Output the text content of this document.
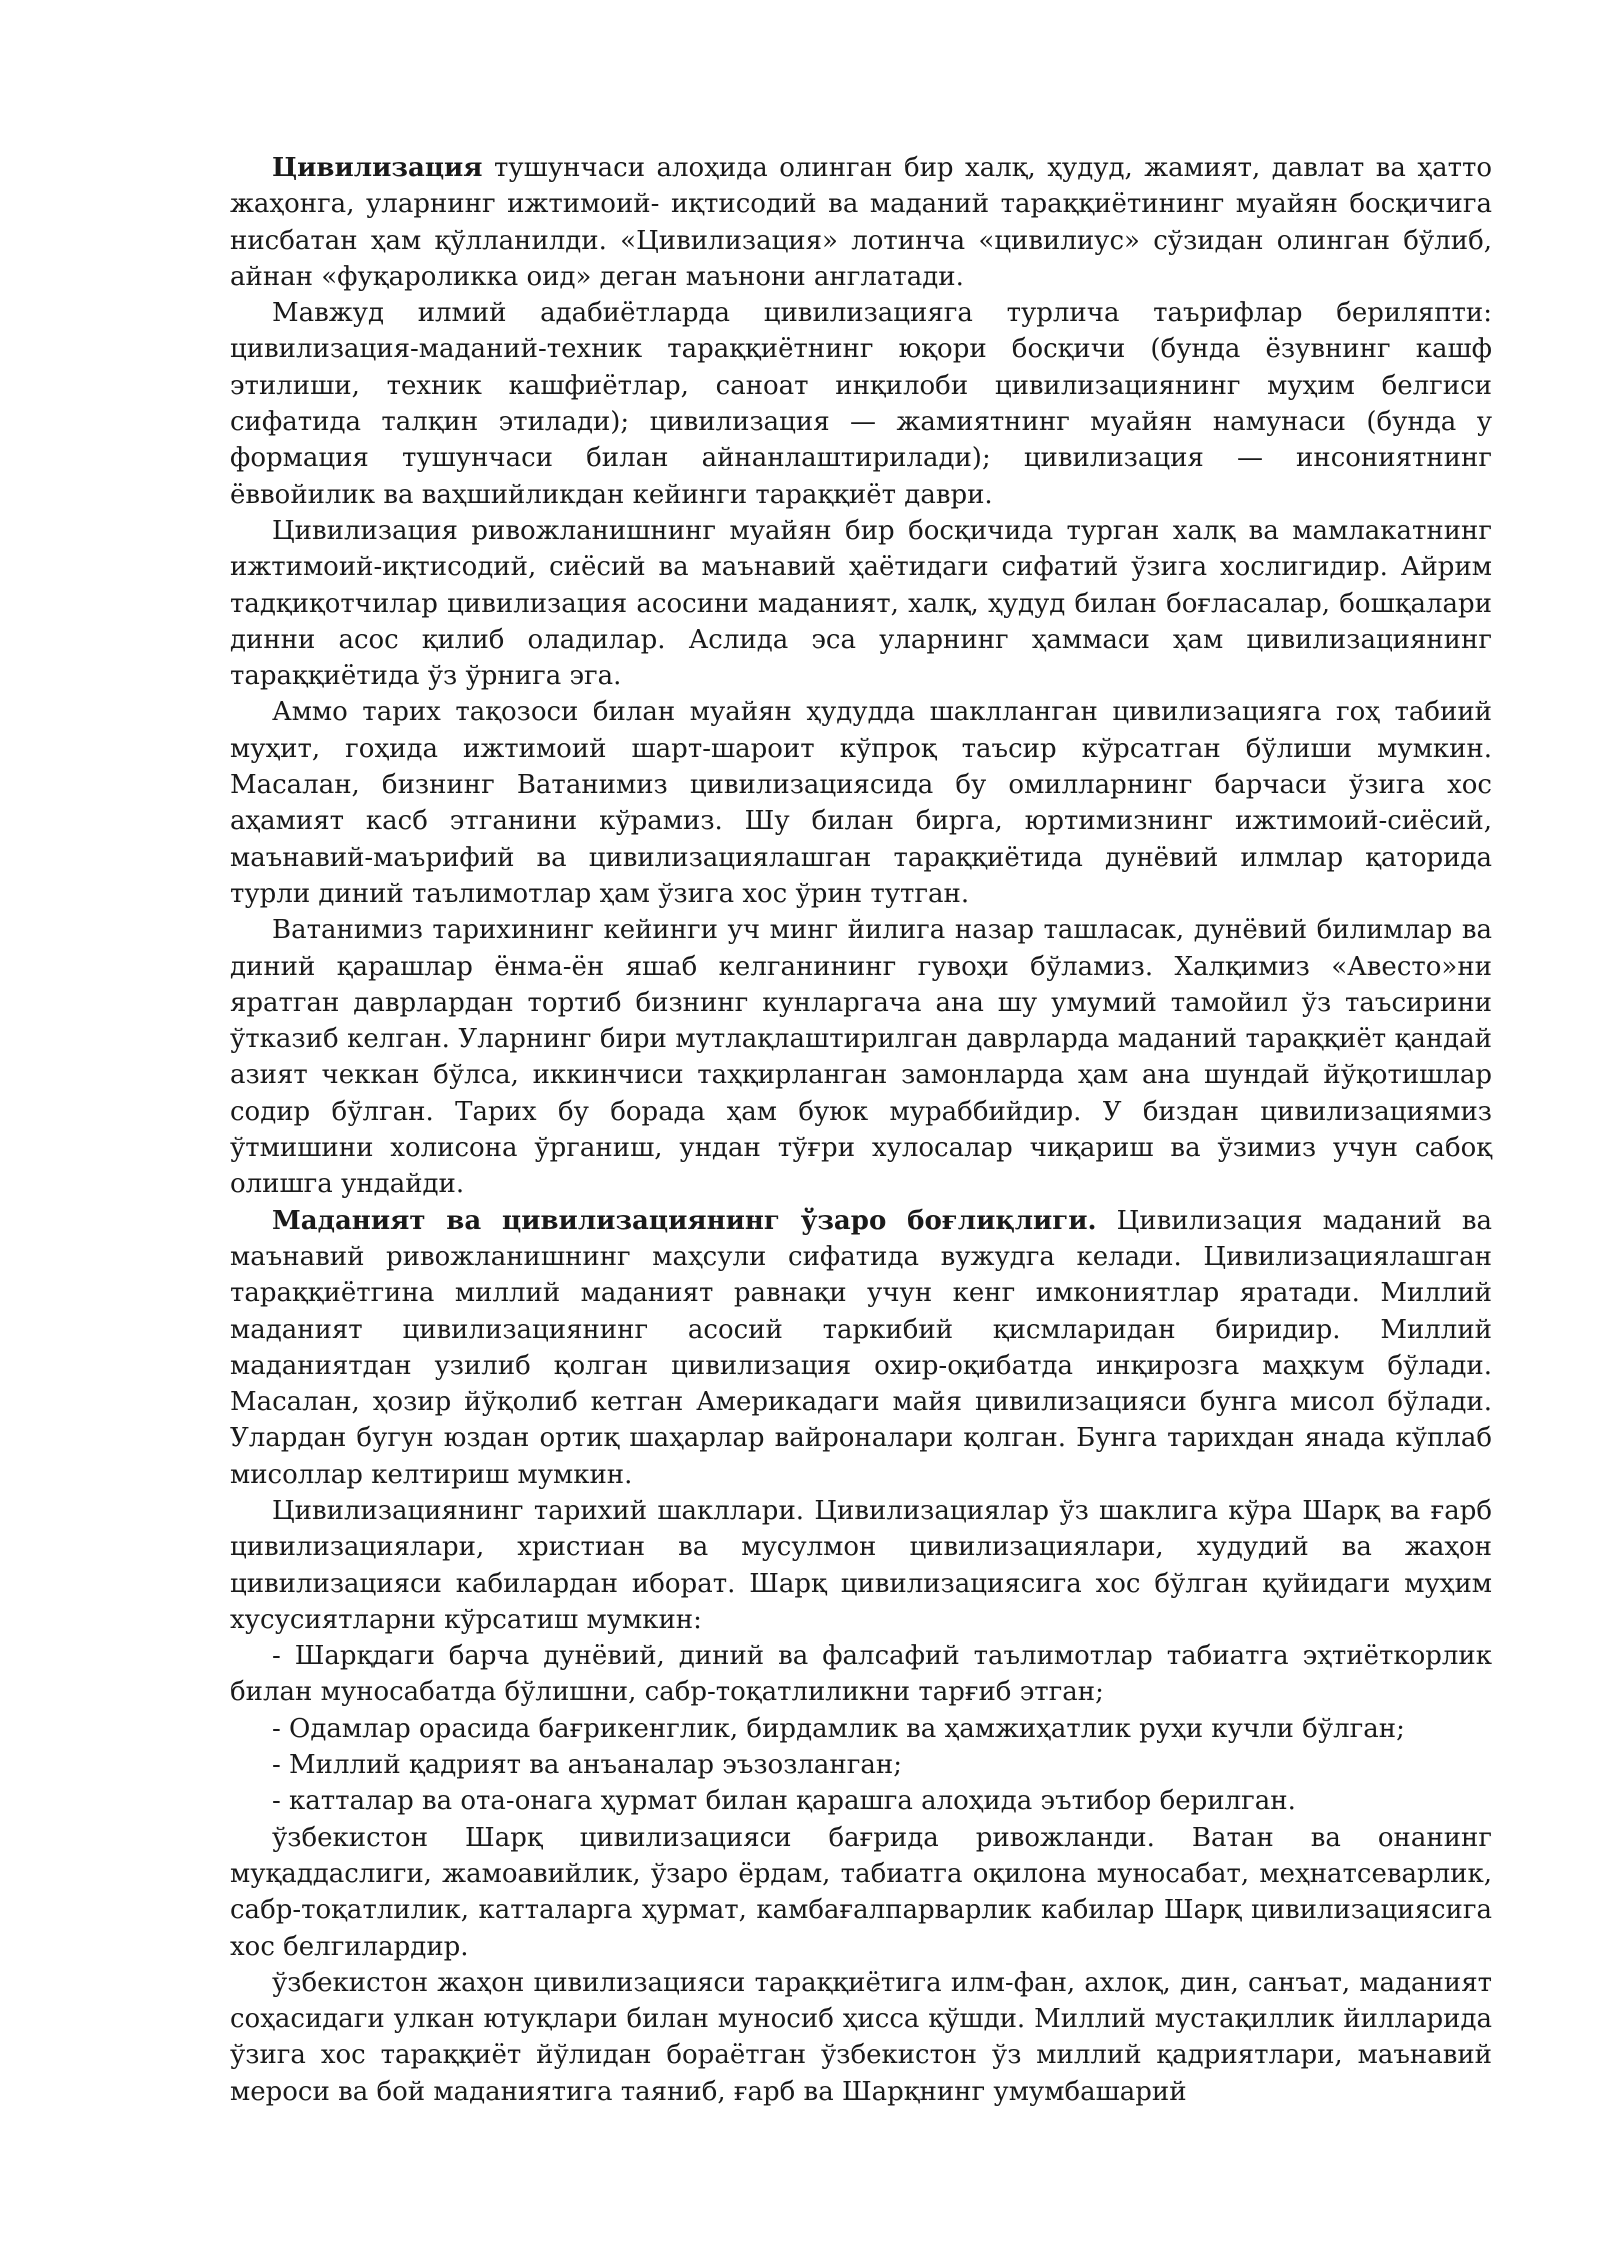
Цивилизация тушунчаси алоҳида олинган бир халқ, ҳудуд, жамият, давлат ва ҳатто жаҳонга, уларнинг ижтимоий- иқтисодий ва маданий тараққиётининг муайян босқичига нисбатан ҳам қўлланилди. «Цивилизация» лотинча «цивилиус» сўзидан олинган бўлиб, айнан «фуқароликка оид» деган маънони англатади.

Мавжуд илмий адабиётларда цивилизацияга турлича таърифлар бериляпти: цивилизация-маданий-техник тараққиётнинг юқори босқичи (бунда ёзувнинг кашф этилиши, техник кашфиётлар, саноат инқилоби цивилизациянинг муҳим белгиси сифатида талқин этилади); цивилизация — жамиятнинг муайян намунаси (бунда у формация тушунчаси билан айнанлаштирилади); цивилизация — инсониятнинг ёввойилик ва ваҳшийликдан кейинги тараққиёт даври.

Цивилизация ривожланишнинг муайян бир босқичида турган халқ ва мамлакатнинг ижтимоий-иқтисодий, сиёсий ва маънавий ҳаётидаги сифатий ўзига хослигидир. Айрим тадқиқотчилар цивилизация асосини маданият, халқ, ҳудуд билан боғласалар, бошқалари динни асос қилиб оладилар. Аслида эса уларнинг ҳаммаси ҳам цивилизациянинг тараққиётида ўз ўрнига эга.

Аммо тарих тақозоси билан муайян ҳудудда шаклланган цивилизацияга гоҳ табиий муҳит, гоҳида ижтимоий шарт-шароит кўпроқ таъсир кўрсатган бўлиши мумкин. Масалан, бизнинг Ватанимиз цивилизациясида бу омилларнинг барчаси ўзига хос аҳамият касб этганини кўрамиз. Шу билан бирга, юртимизнинг ижтимоий-сиёсий, маънавий-маърифий ва цивилизациялашган тараққиётида дунёвий илмлар қаторида турли диний таълимотлар ҳам ўзига хос ўрин тутган.

Ватанимиз тарихининг кейинги уч минг йилига назар ташласак, дунёвий билимлар ва диний қарашлар ёнма-ён яшаб келганининг гувоҳи бўламиз. Халқимиз «Авесто»ни яратган даврлардан тортиб бизнинг кунларгача ана шу умумий тамойил ўз таъсирини ўтказиб келган. Уларнинг бири мутлақлаштирилган даврларда маданий тараққиёт қандай азият чеккан бўлса, иккинчиси таҳқирланган замонларда ҳам ана шундай йўқотишлар содир бўлган. Тарих бу борада ҳам буюк мураббийдир. У биздан цивилизациямиз ўтмишини холисона ўрганиш, ундан тўғри хулосалар чиқариш ва ўзимиз учун сабоқ олишга ундайди.

Маданият ва цивилизациянинг ўзаро боғлиқлиги. Цивилизация маданий ва маънавий ривожланишнинг маҳсули сифатида вужудга келади. Цивилизациялашган тараққиётгина миллий маданият равнақи учун кенг имкониятлар яратади. Миллий маданият цивилизациянинг асосий таркибий қисмларидан биридир. Миллий маданиятдан узилиб қолган цивилизация охир-оқибатда инқирозга маҳкум бўлади. Масалан, ҳозир йўқолиб кетган Америкадаги майя цивилизацияси бунга мисол бўлади. Улардан бугун юздан ортиқ шаҳарлар вайроналари қолган. Бунга тарихдан янада кўплаб мисоллар келтириш мумкин.

Цивилизациянинг тарихий шакллари. Цивилизациялар ўз шаклига кўра Шарқ ва ғарб цивилизациялари, христиан ва мусулмон цивилизациялари, худудий ва жаҳон цивилизацияси кабилардан иборат. Шарқ цивилизациясига хос бўлган қуйидаги муҳим хусусиятларни кўрсатиш мумкин:

- Шарқдаги барча дунёвий, диний ва фалсафий таълимотлар табиатга эҳтиёткорлик билан муносабатда бўлишни, сабр-тоқатлиликни тарғиб этган;

- Одамлар орасида бағрикенглик, бирдамлик ва ҳамжиҳатлик руҳи кучли бўлган;

- Миллий қадрият ва анъаналар эъзозланган;

- катталар ва ота-онага ҳурмат билан қарашга алоҳида эътибор берилган.

ўзбекистон Шарқ цивилизацияси бағрида ривожланди. Ватан ва онанинг муқаддаслиги, жамоавийлик, ўзаро ёрдам, табиатга оқилона муносабат, меҳнатсеварлик, сабр-тоқатлилик, катталарга ҳурмат, камбағалпарварлик кабилар Шарқ цивилизациясига хос белгилардир.

ўзбекистон жаҳон цивилизацияси тараққиётига илм-фан, ахлоқ, дин, санъат, маданият соҳасидаги улкан ютуқлари билан муносиб ҳисса қўшди. Миллий мустақиллик йилларида ўзига хос тараққиёт йўлидан бораётган ўзбекистон ўз миллий қадриятлари, маънавий мероси ва бой маданиятига таяниб, ғарб ва Шарқнинг умумбашарий
